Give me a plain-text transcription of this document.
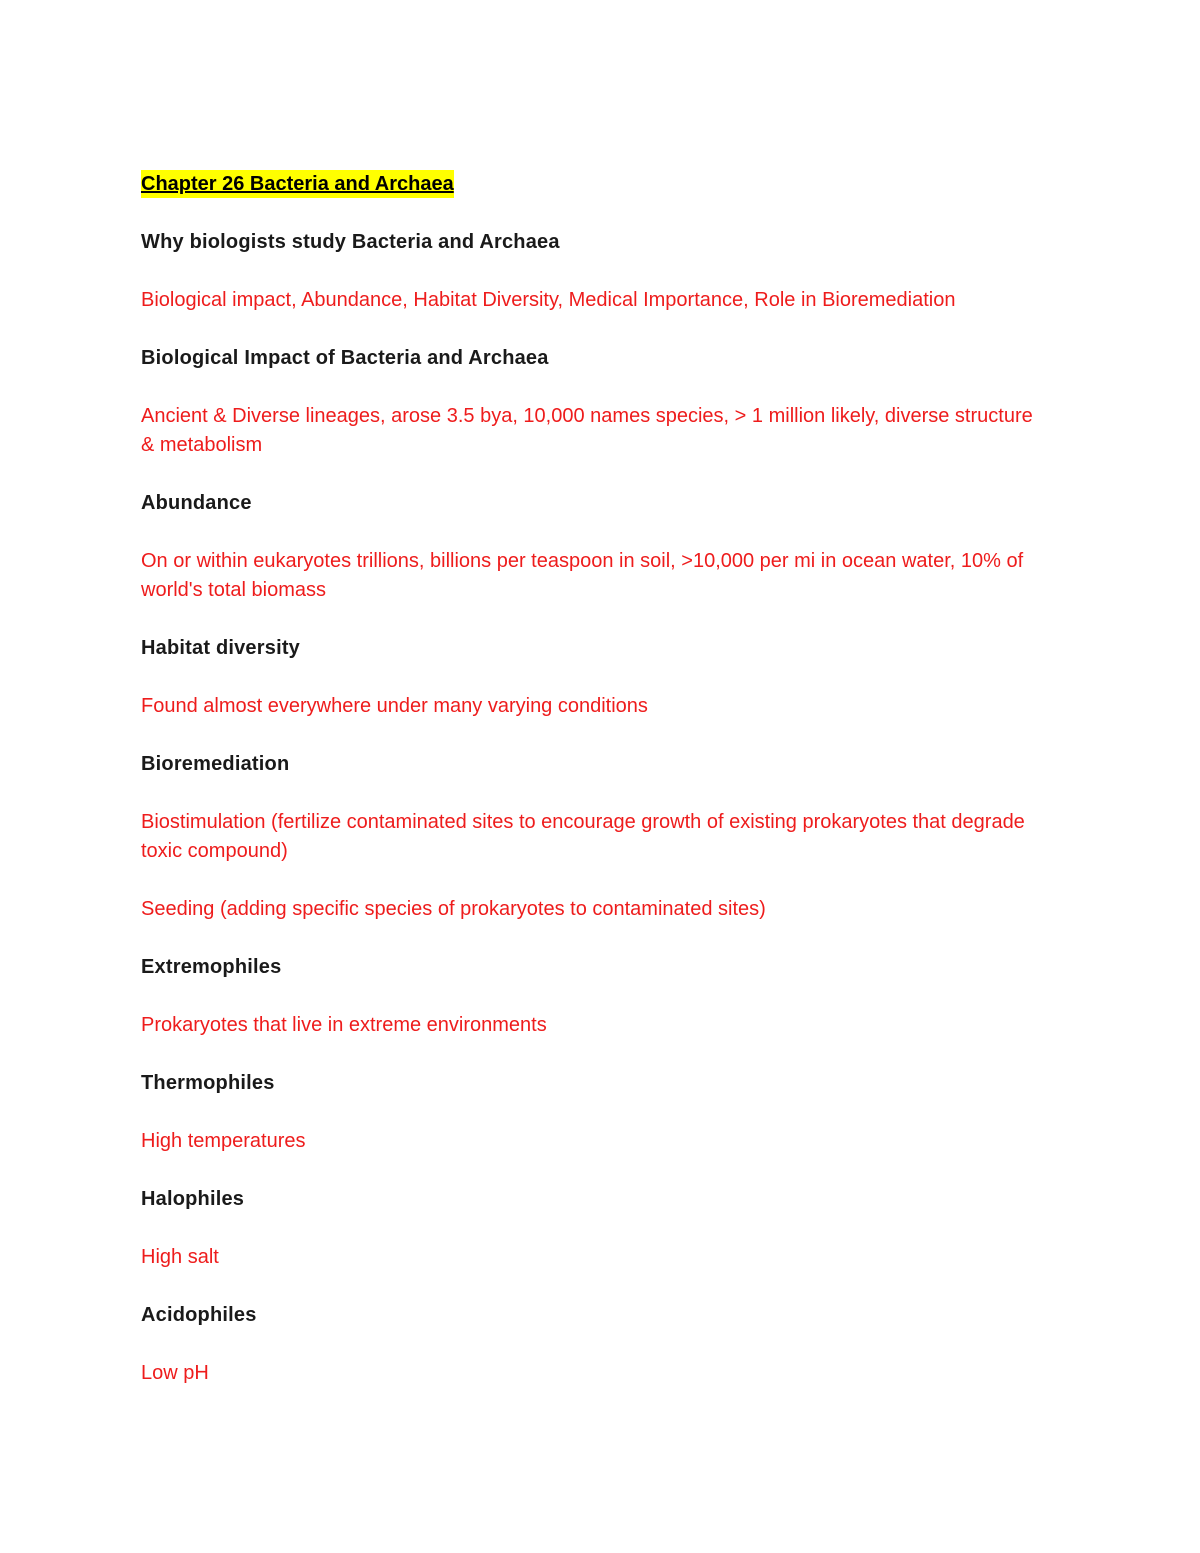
Chapter 26 Bacteria and Archaea
Why biologists study Bacteria and Archaea
Biological impact, Abundance, Habitat Diversity, Medical Importance, Role in Bioremediation
Biological Impact of Bacteria and Archaea
Ancient & Diverse lineages, arose 3.5 bya, 10,000 names species, > 1 million likely, diverse structure & metabolism
Abundance
On or within eukaryotes trillions, billions per teaspoon in soil, >10,000 per mi in ocean water, 10% of world's total biomass
Habitat diversity
Found almost everywhere under many varying conditions
Bioremediation
Biostimulation (fertilize contaminated sites to encourage growth of existing prokaryotes that degrade toxic compound)
Seeding (adding specific species of prokaryotes to contaminated sites)
Extremophiles
Prokaryotes that live in extreme environments
Thermophiles
High temperatures
Halophiles
High salt
Acidophiles
Low pH
